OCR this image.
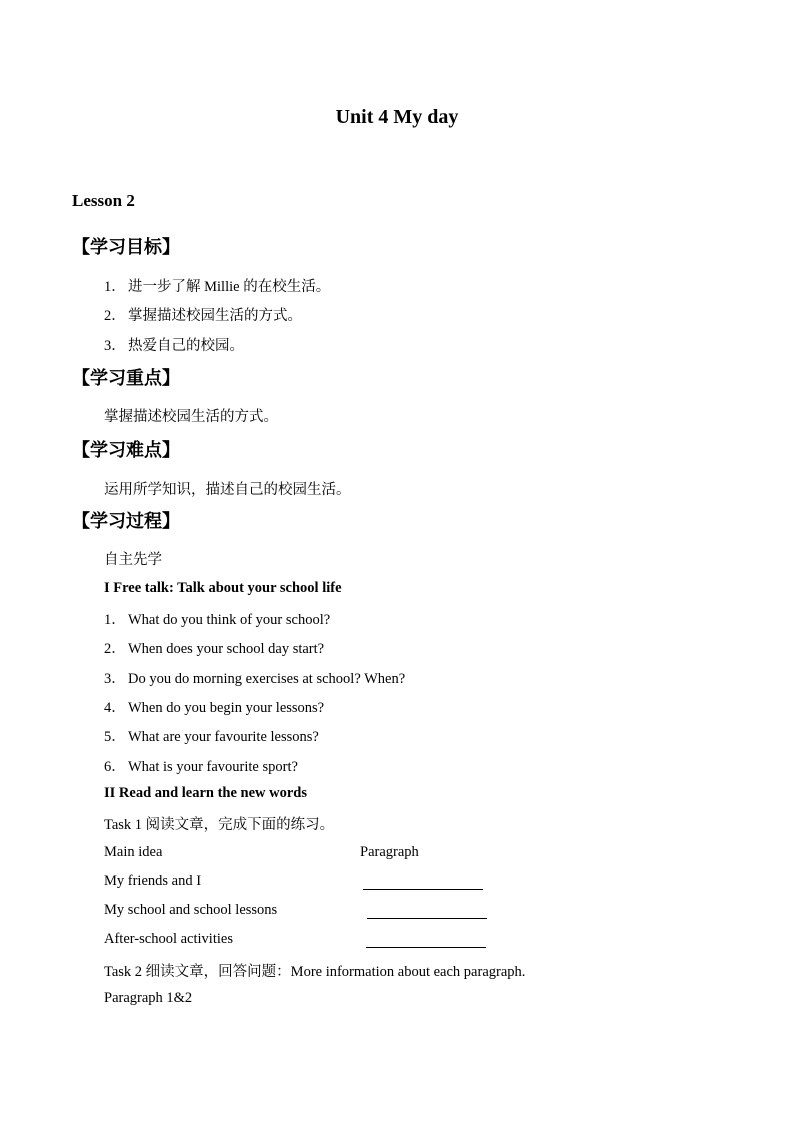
Unit 4 My day
Lesson 2
【学习目标】
1． 进一步了解 Millie 的在校生活。
2． 掌握描述校园生活的方式。
3． 热爱自己的校园。
【学习重点】
掌握描述校园生活的方式。
【学习难点】
运用所学知识，描述自己的校园生活。
【学习过程】
自主先学
I Free talk: Talk about your school life
1． What do you think of your school?
2． When does your school day start?
3． Do you do morning exercises at school? When?
4． When do you begin your lessons?
5． What are your favourite lessons?
6． What is your favourite sport?
II Read and learn the new words
Task 1 阅读文章，完成下面的练习。
Main idea	Paragraph
My friends and I
My school and school lessons
After-school activities
Task 2 细读文章，回答问题：More information about each paragraph.
Paragraph 1&2
